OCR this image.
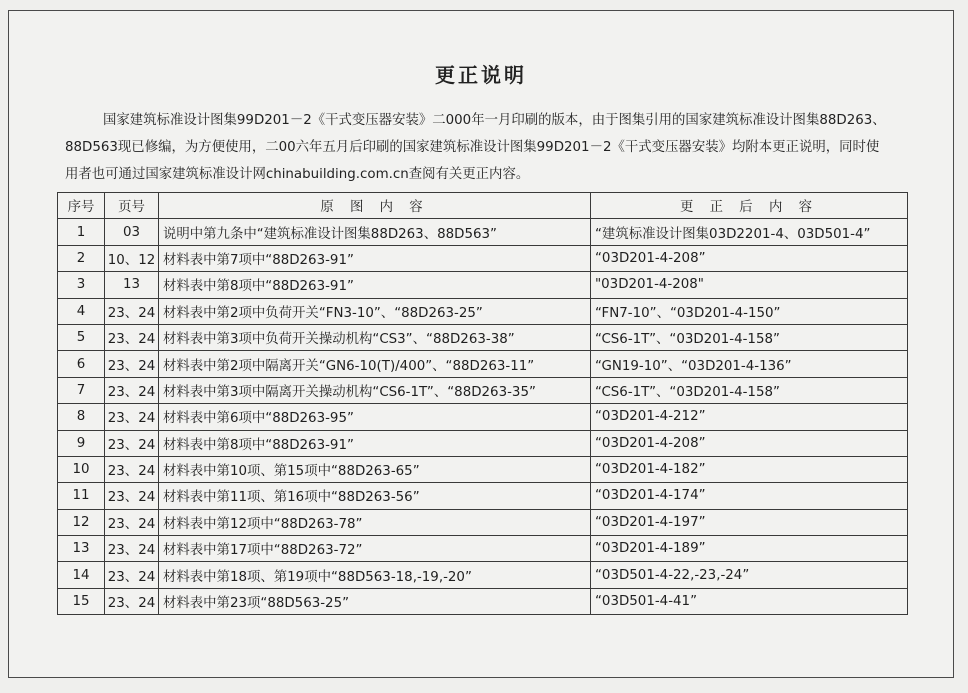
更正说明
国家建筑标准设计图集99D201－2《干式变压器安装》二000年一月印刷的版本，由于图集引用的国家建筑标准设计图集88D263、
88D563现已修编，为方便使用，二00六年五月后印刷的国家建筑标准设计图集99D201－2《干式变压器安装》均附本更正说明，同时使
用者也可通过国家建筑标准设计网chinabuilding.com.cn查阅有关更正内容。
序号	页号	原 图 内 容	更 正 后 内 容
1	03	说明中第九条中“建筑标准设计图集88D263、88D563”	“建筑标准设计图集03D2201-4、03D501-4”
2	10、12	材料表中第7项中“88D263-91”	“03D201-4-208”
3	13	材料表中第8项中“88D263-91”	"03D201-4-208"
4	23、24	材料表中第2项中负荷开关“FN3-10”、“88D263-25”	“FN7-10”、“03D201-4-150”
5	23、24	材料表中第3项中负荷开关操动机构“CS3”、“88D263-38”	“CS6-1T”、“03D201-4-158”
6	23、24	材料表中第2项中隔离开关“GN6-10(T)/400”、“88D263-11”	“GN19-10”、“03D201-4-136”
7	23、24	材料表中第3项中隔离开关操动机构“CS6-1T”、“88D263-35”	“CS6-1T”、“03D201-4-158”
8	23、24	材料表中第6项中“88D263-95”	“03D201-4-212”
9	23、24	材料表中第8项中“88D263-91”	“03D201-4-208”
10	23、24	材料表中第10项、第15项中“88D263-65”	“03D201-4-182”
11	23、24	材料表中第11项、第16项中“88D263-56”	“03D201-4-174”
12	23、24	材料表中第12项中“88D263-78”	“03D201-4-197”
13	23、24	材料表中第17项中“88D263-72”	“03D201-4-189”
14	23、24	材料表中第18项、第19项中“88D563-18,-19,-20”	“03D501-4-22,-23,-24”
15	23、24	材料表中第23项“88D563-25”	“03D501-4-41”
